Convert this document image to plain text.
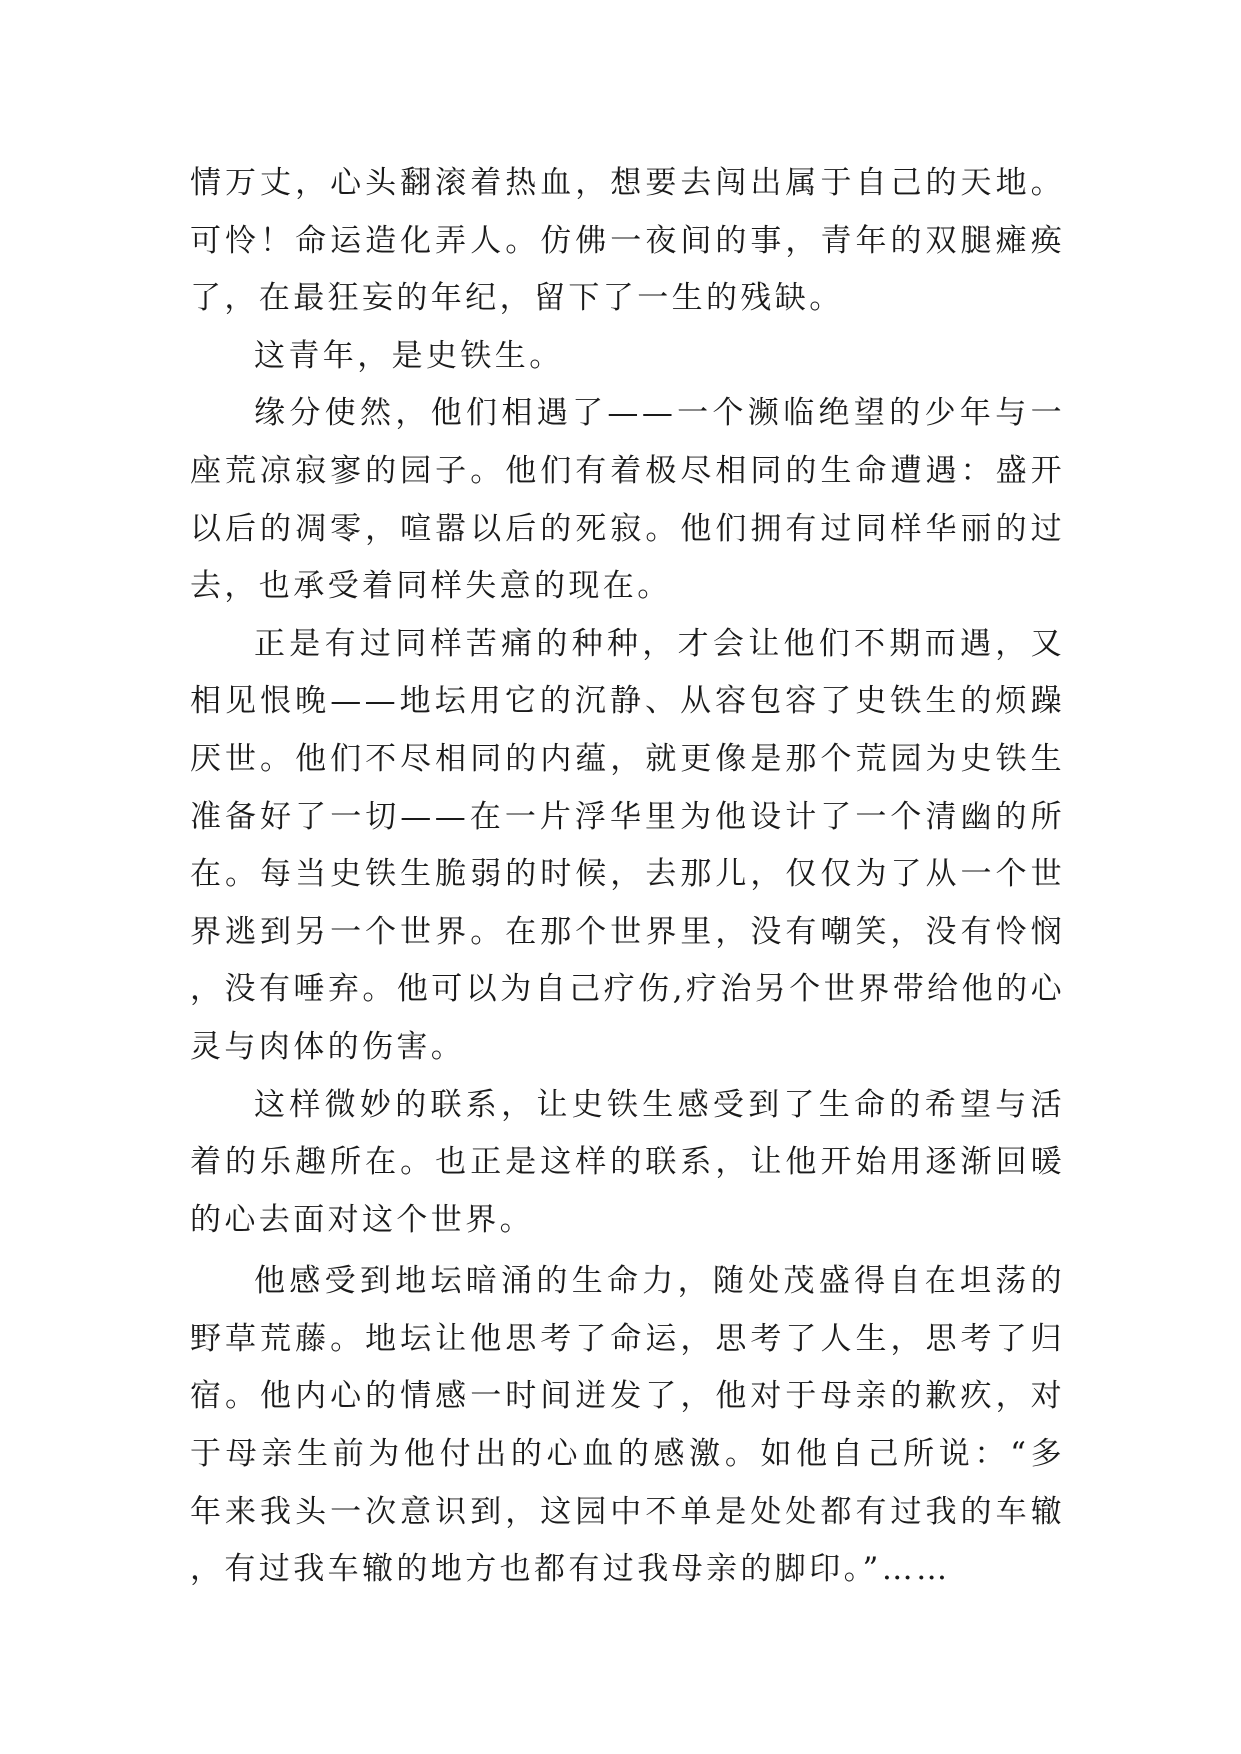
情万丈，心头翻滚着热血，想要去闯出属于自己的天地。可怜！命运造化弄人。仿佛一夜间的事，青年的双腿瘫痪了，在最狂妄的年纪，留下了一生的残缺。

这青年，是史铁生。

缘分使然，他们相遇了——一个濒临绝望的少年与一座荒凉寂寥的园子。他们有着极尽相同的生命遭遇：盛开以后的凋零，喧嚣以后的死寂。他们拥有过同样华丽的过去，也承受着同样失意的现在。

正是有过同样苦痛的种种，才会让他们不期而遇，又相见恨晚——地坛用它的沉静、从容包容了史铁生的烦躁厌世。他们不尽相同的内蕴，就更像是那个荒园为史铁生准备好了一切——在一片浮华里为他设计了一个清幽的所在。每当史铁生脆弱的时候，去那儿，仅仅为了从一个世界逃到另一个世界。在那个世界里，没有嘲笑，没有怜悯，没有唾弃。他可以为自己疗伤,疗治另个世界带给他的心灵与肉体的伤害。

这样微妙的联系，让史铁生感受到了生命的希望与活着的乐趣所在。也正是这样的联系，让他开始用逐渐回暖的心去面对这个世界。

他感受到地坛暗涌的生命力，随处茂盛得自在坦荡的野草荒藤。地坛让他思考了命运，思考了人生，思考了归宿。他内心的情感一时间迸发了，他对于母亲的歉疚，对于母亲生前为他付出的心血的感激。如他自己所说：“多年来我头一次意识到，这园中不单是处处都有过我的车辙，有过我车辙的地方也都有过我母亲的脚印。”……
